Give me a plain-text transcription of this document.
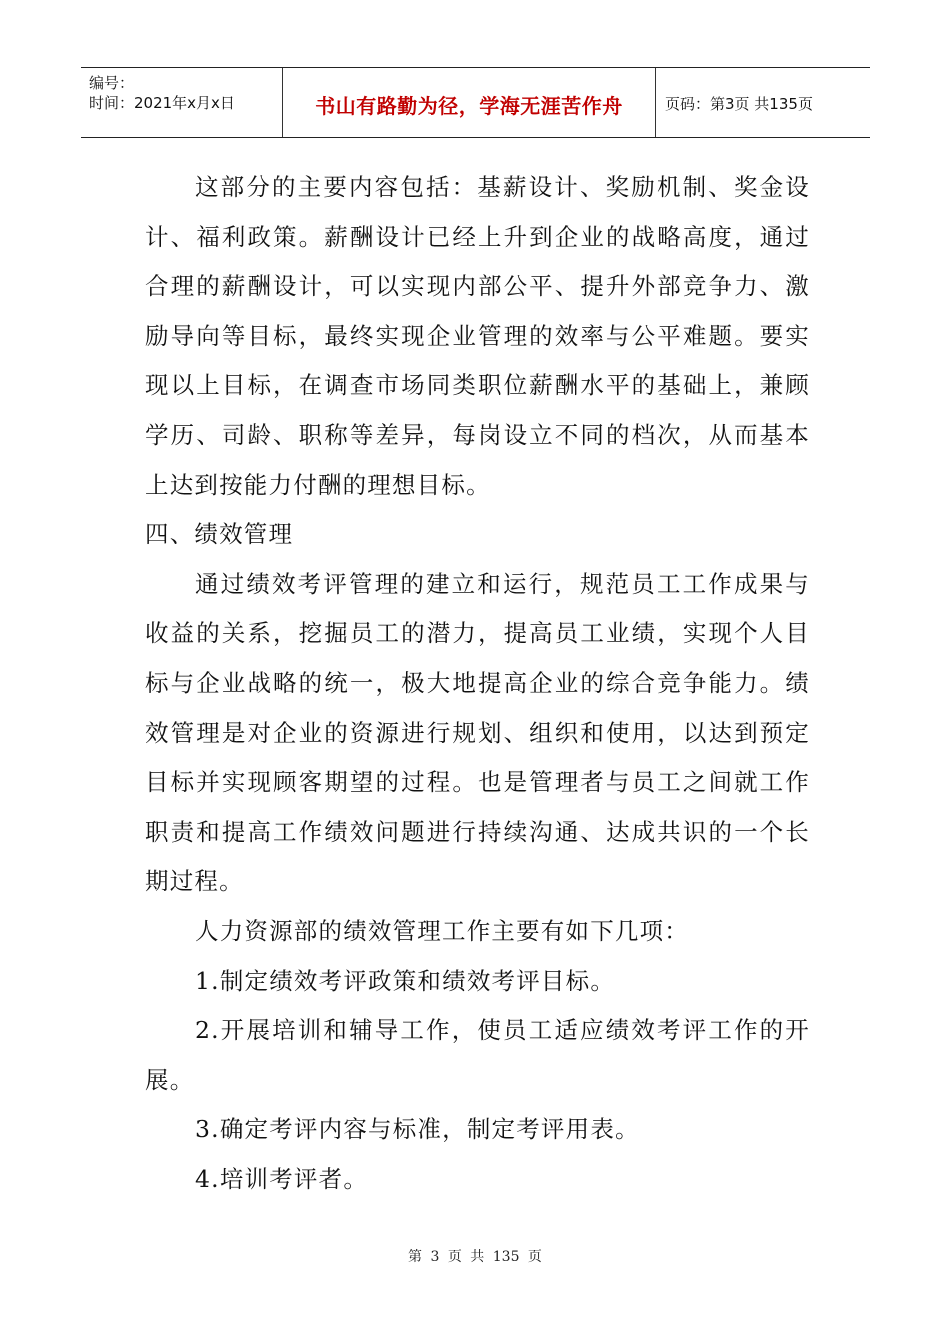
编号：
时间：2021年x月x日	书山有路勤为径，学海无涯苦作舟	页码：第3页 共135页

这部分的主要内容包括：基薪设计、奖励机制、奖金设计、福利政策。薪酬设计已经上升到企业的战略高度，通过合理的薪酬设计，可以实现内部公平、提升外部竞争力、激励导向等目标，最终实现企业管理的效率与公平难题。要实现以上目标，在调查市场同类职位薪酬水平的基础上，兼顾学历、司龄、职称等差异，每岗设立不同的档次，从而基本上达到按能力付酬的理想目标。

四、绩效管理

通过绩效考评管理的建立和运行，规范员工工作成果与收益的关系，挖掘员工的潜力，提高员工业绩，实现个人目标与企业战略的统一，极大地提高企业的综合竞争能力。绩效管理是对企业的资源进行规划、组织和使用，以达到预定目标并实现顾客期望的过程。也是管理者与员工之间就工作职责和提高工作绩效问题进行持续沟通、达成共识的一个长期过程。

人力资源部的绩效管理工作主要有如下几项：

1.制定绩效考评政策和绩效考评目标。

2.开展培训和辅导工作，使员工适应绩效考评工作的开展。

3.确定考评内容与标准，制定考评用表。

4.培训考评者。

第 3 页 共 135 页
